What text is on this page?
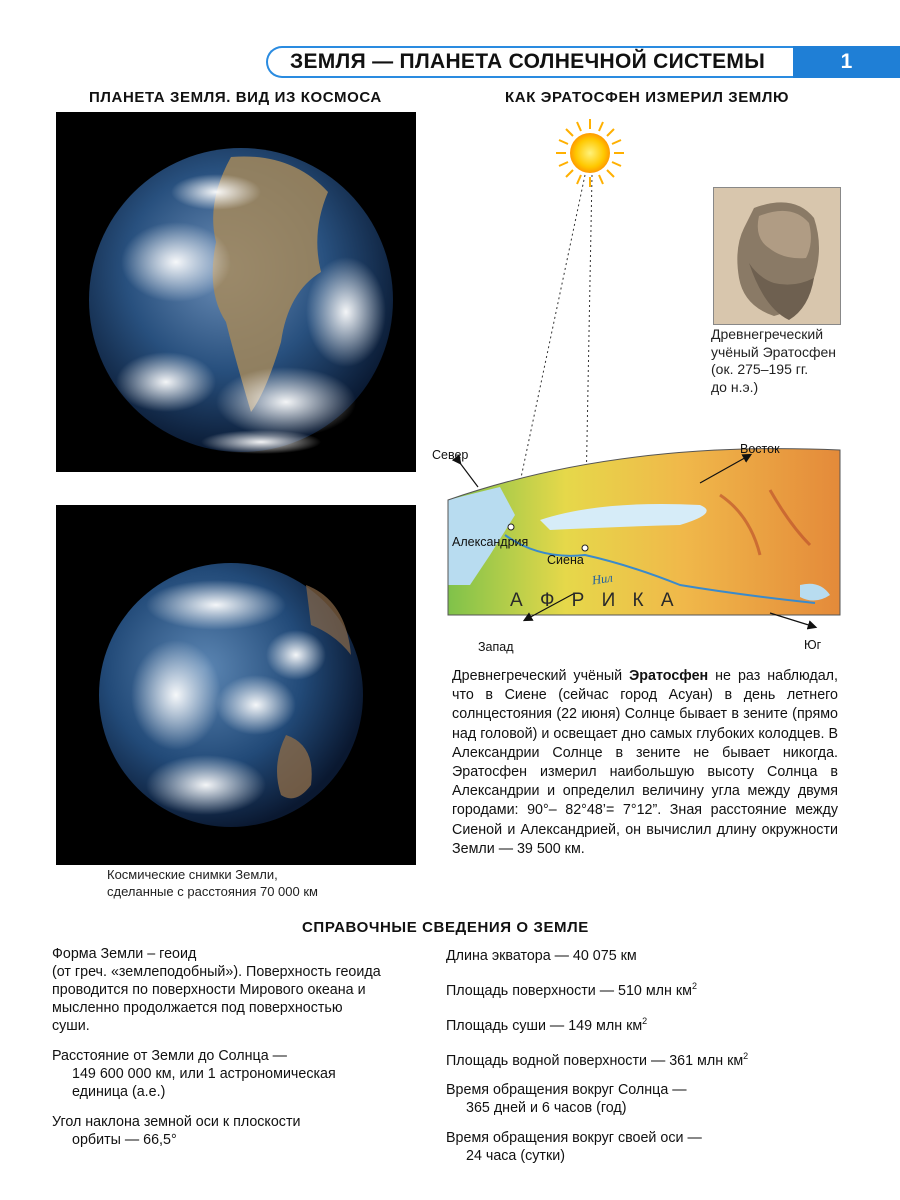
ЗЕМЛЯ — ПЛАНЕТА СОЛНЕЧНОЙ СИСТЕМЫ	1
ПЛАНЕТА ЗЕМЛЯ. ВИД ИЗ КОСМОСА
Космические снимки Земли,
сделанные с расстояния 70 000 км
КАК ЭРАТОСФЕН ИЗМЕРИЛ ЗЕМЛЮ
Север	Восток
Запад	Юг
Александрия
Сиена
Нил
А Ф Р И К А
Древнегреческий
учёный Эратосфен
(ок. 275–195 гг.
до н.э.)
Древнегреческий учёный Эратосфен не раз наблюдал, что в Сиене (сейчас город Асуан) в день летнего солнцестояния (22 июня) Солнце бывает в зените (прямо над головой) и освещает дно самых глубоких колодцев. В Александрии Солнце в зените не бывает никогда. Эратосфен измерил наибольшую высоту Солнца в Александрии и определил величину угла между двумя городами: 90°– 82°48’= 7°12”. Зная расстояние между Сиеной и Александрией, он вычислил длину окружности Земли — 39 500 км.
СПРАВОЧНЫЕ СВЕДЕНИЯ О ЗЕМЛЕ

Форма Земли – геоид
(от греч. «землеподобный»). Поверхность геоида проводится по поверхности Мирового океана и мысленно продолжается под поверхностью суши.

Расстояние от Земли до Солнца —
149 600 000 км, или 1 астрономическая единица (а.е.)

Угол наклона земной оси к плоскости
орбиты — 66,5°

Длина экватора — 40 075 км

Площадь поверхности — 510 млн $км^2$

Площадь суши — 149 млн $км^2$

Площадь водной поверхности — 361 млн $км^2$

Время обращения вокруг Солнца —
365 дней и 6 часов (год)

Время обращения вокруг своей оси —
24 часа (сутки)
